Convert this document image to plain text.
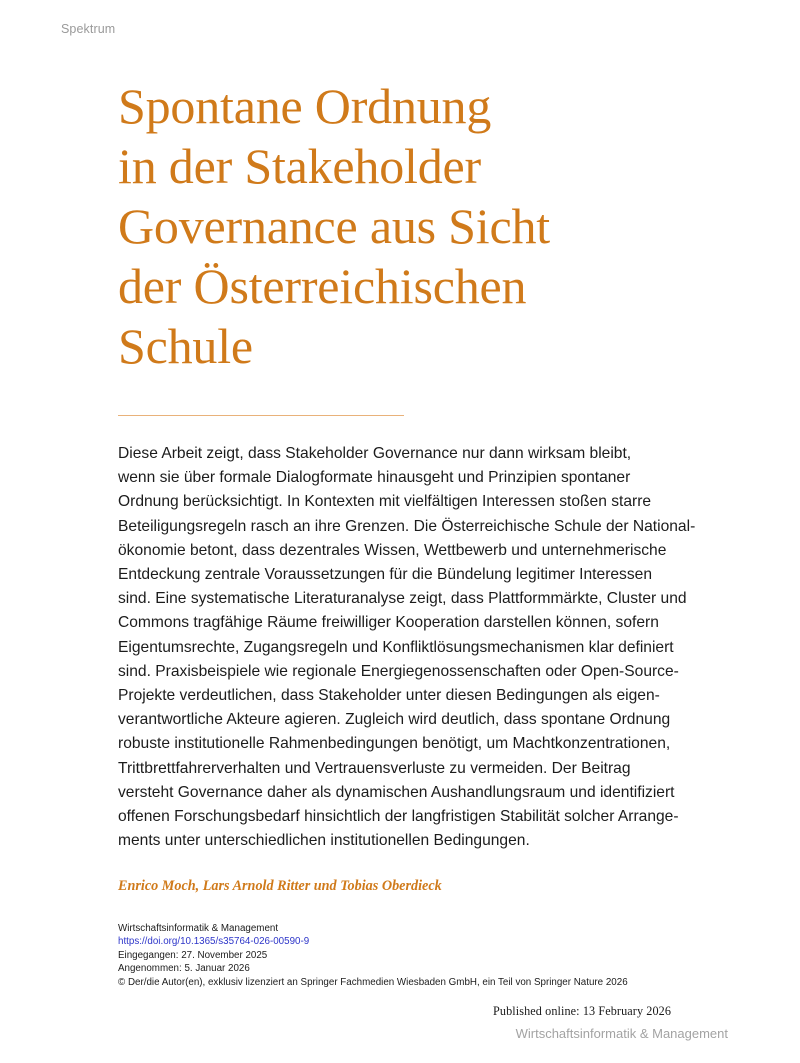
Spektrum
Spontane Ordnung
in der Stakeholder
Governance aus Sicht
der Österreichischen
Schule

Diese Arbeit zeigt, dass Stakeholder Governance nur dann wirksam bleibt,
wenn sie über formale Dialogformate hinausgeht und Prinzipien spontaner
Ordnung berücksichtigt. In Kontexten mit vielfältigen Interessen stoßen starre
Beteiligungsregeln rasch an ihre Grenzen. Die Österreichische Schule der National-
ökonomie betont, dass dezentrales Wissen, Wettbewerb und unternehmerische
Entdeckung zentrale Voraussetzungen für die Bündelung legitimer Interessen
sind. Eine systematische Literaturanalyse zeigt, dass Plattformmärkte, Cluster und
Commons tragfähige Räume freiwilliger Kooperation darstellen können, sofern
Eigentumsrechte, Zugangsregeln und Konfliktlösungsmechanismen klar definiert
sind. Praxisbeispiele wie regionale Energiegenossenschaften oder Open-Source-
Projekte verdeutlichen, dass Stakeholder unter diesen Bedingungen als eigen-
verantwortliche Akteure agieren. Zugleich wird deutlich, dass spontane Ordnung
robuste institutionelle Rahmenbedingungen benötigt, um Machtkonzentrationen,
Trittbrettfahrerverhalten und Vertrauensverluste zu vermeiden. Der Beitrag
versteht Governance daher als dynamischen Aushandlungsraum und identifiziert
offenen Forschungsbedarf hinsichtlich der langfristigen Stabilität solcher Arrange-
ments unter unterschiedlichen institutionellen Bedingungen.

Enrico Moch, Lars Arnold Ritter und Tobias Oberdieck
Wirtschaftsinformatik & Management
https://doi.org/10.1365/s35764-026-00590-9
Eingegangen: 27. November 2025
Angenommen: 5. Januar 2026
© Der/die Autor(en), exklusiv lizenziert an Springer Fachmedien Wiesbaden GmbH, ein Teil von Springer Nature 2026
Published online: 13 February 2026
Wirtschaftsinformatik & Management
